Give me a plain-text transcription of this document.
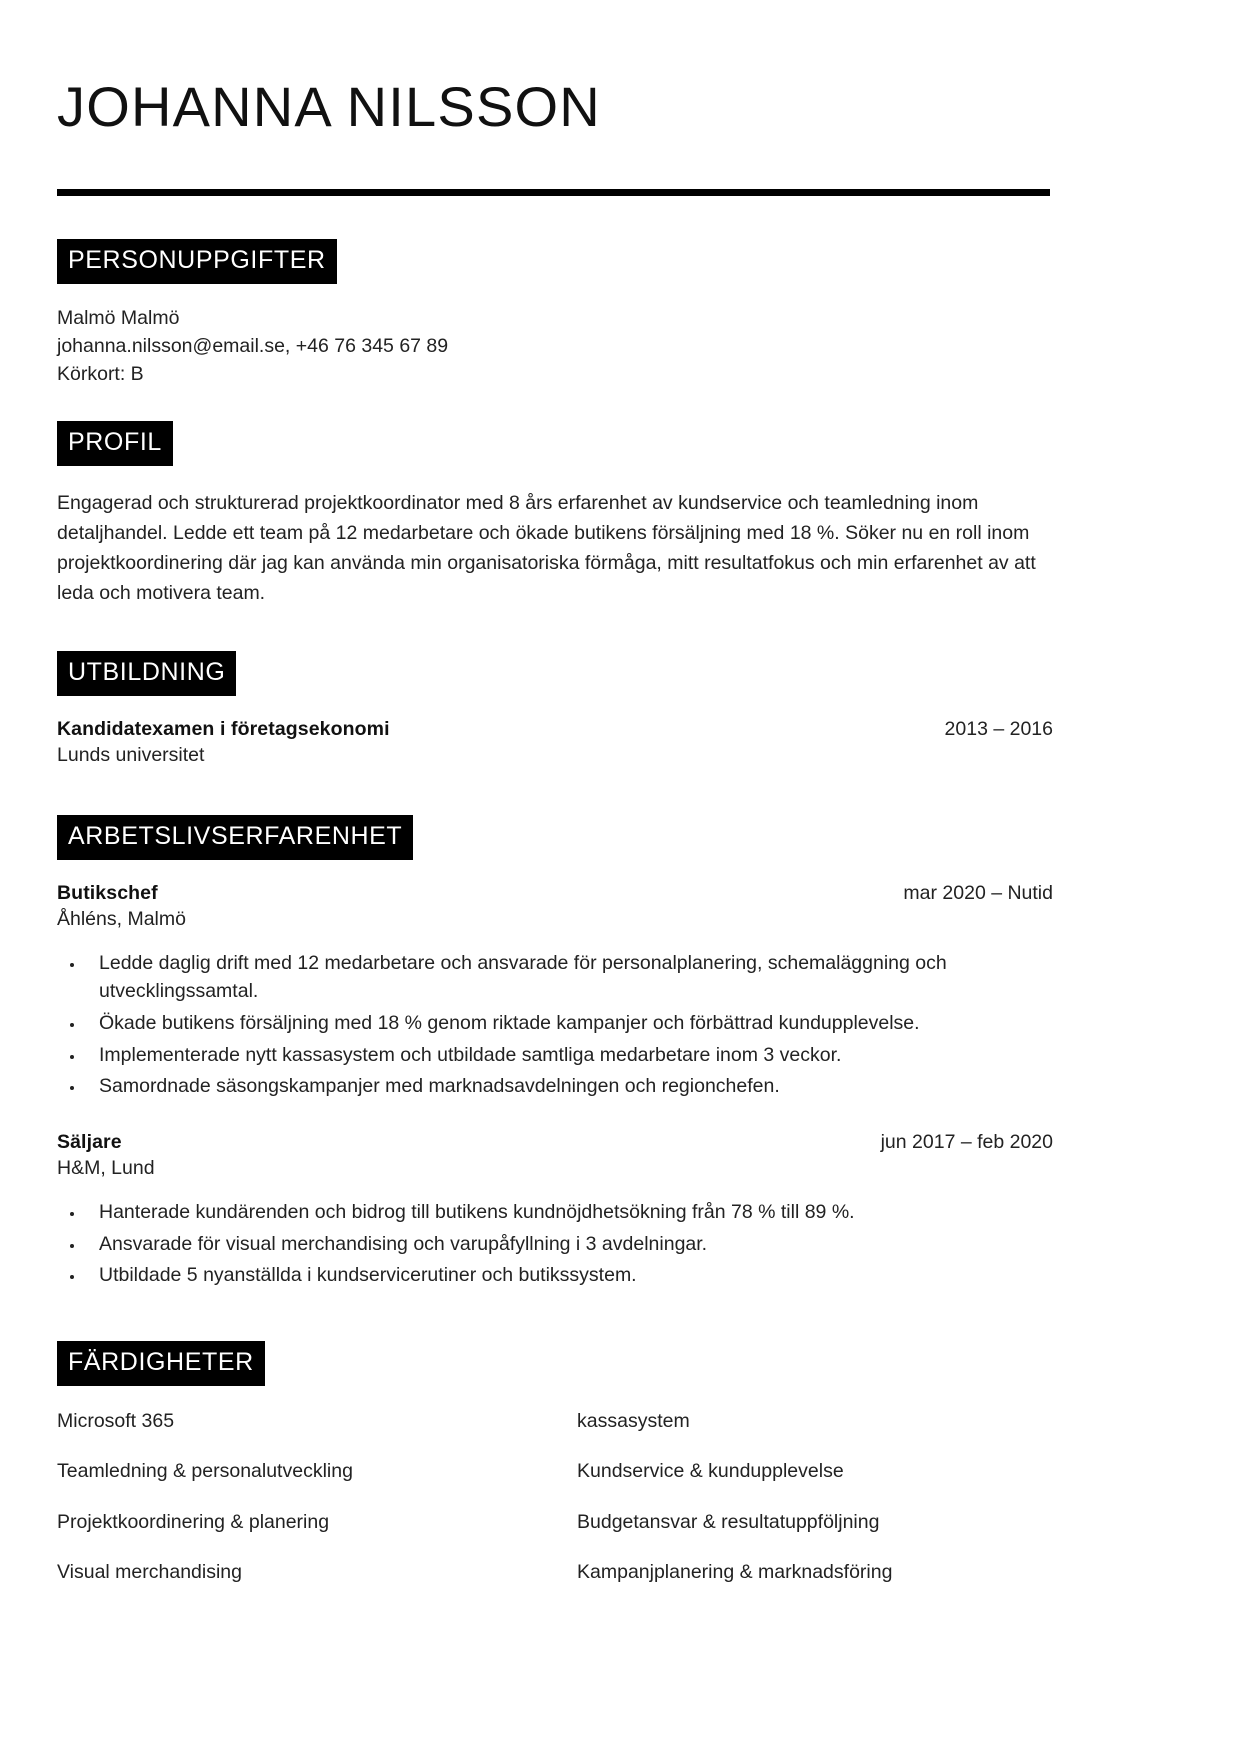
JOHANNA NILSSON
PERSONUPPGIFTER
Malmö Malmö
johanna.nilsson@email.se, +46 76 345 67 89
Körkort: B
PROFIL

Engagerad och strukturerad projektkoordinator med 8 års erfarenhet av kundservice och teamledning inom detaljhandel. Ledde ett team på 12 medarbetare och ökade butikens försäljning med 18 %. Söker nu en roll inom projektkoordinering där jag kan använda min organisatoriska förmåga, mitt resultatfokus och min erfarenhet av att leda och motivera team.

UTBILDNING
Kandidatexamen i företagsekonomi	2013 – 2016
Lunds universitet
ARBETSLIVSERFARENHET
Butikschef	mar 2020 – Nutid
Åhléns, Malmö
• Ledde daglig drift med 12 medarbetare och ansvarade för personalplanering, schemaläggning och utvecklingssamtal.
• Ökade butikens försäljning med 18 % genom riktade kampanjer och förbättrad kundupplevelse.
• Implementerade nytt kassasystem och utbildade samtliga medarbetare inom 3 veckor.
• Samordnade säsongskampanjer med marknadsavdelningen och regionchefen.
Säljare	jun 2017 – feb 2020
H&M, Lund
• Hanterade kundärenden och bidrog till butikens kundnöjdhetsökning från 78 % till 89 %.
• Ansvarade för visual merchandising och varupåfyllning i 3 avdelningar.
• Utbildade 5 nyanställda i kundservicerutiner och butikssystem.
FÄRDIGHETER
Microsoft 365	kassasystem
Teamledning & personalutveckling	Kundservice & kundupplevelse
Projektkoordinering & planering	Budgetansvar & resultatuppföljning
Visual merchandising	Kampanjplanering & marknadsföring
